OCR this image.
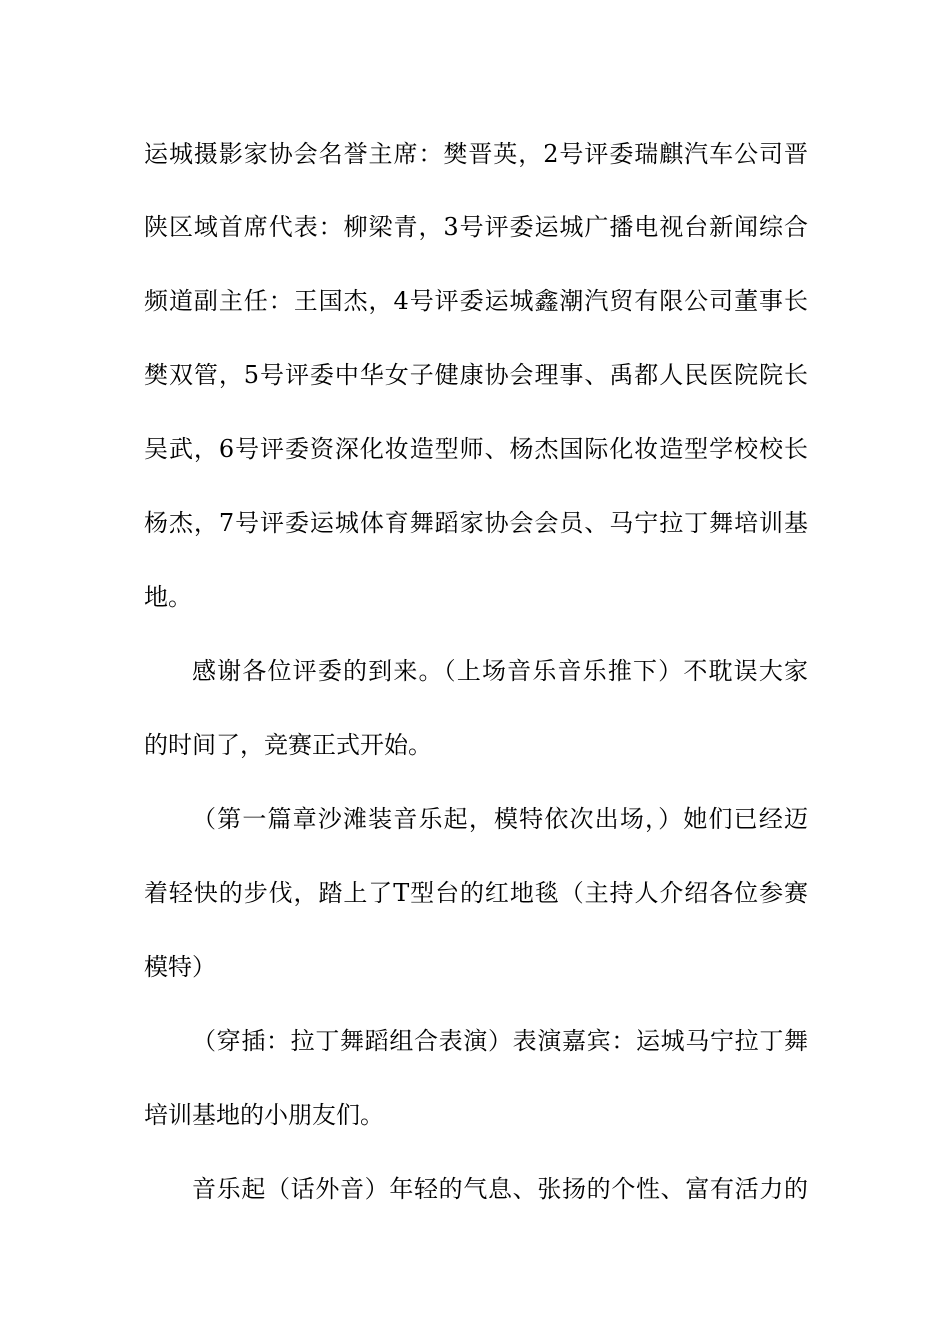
运城摄影家协会名誉主席：樊晋英，2号评委瑞麒汽车公司晋

陕区域首席代表：柳梁青，3号评委运城广播电视台新闻综合

频道副主任：王国杰，4号评委运城鑫潮汽贸有限公司董事长

樊双管，5号评委中华女子健康协会理事、禹都人民医院院长

吴武，6号评委资深化妆造型师、杨杰国际化妆造型学校校长

杨杰，7号评委运城体育舞蹈家协会会员、马宁拉丁舞培训基

地。

感谢各位评委的到来。（上场音乐音乐推下）不耽误大家

的时间了，竞赛正式开始。

（第一篇章沙滩装音乐起，模特依次出场，）她们已经迈

着轻快的步伐，踏上了T型台的红地毯（主持人介绍各位参赛

模特）

（穿插：拉丁舞蹈组合表演）表演嘉宾：运城马宁拉丁舞

培训基地的小朋友们。

音乐起（话外音）年轻的气息、张扬的个性、富有活力的
